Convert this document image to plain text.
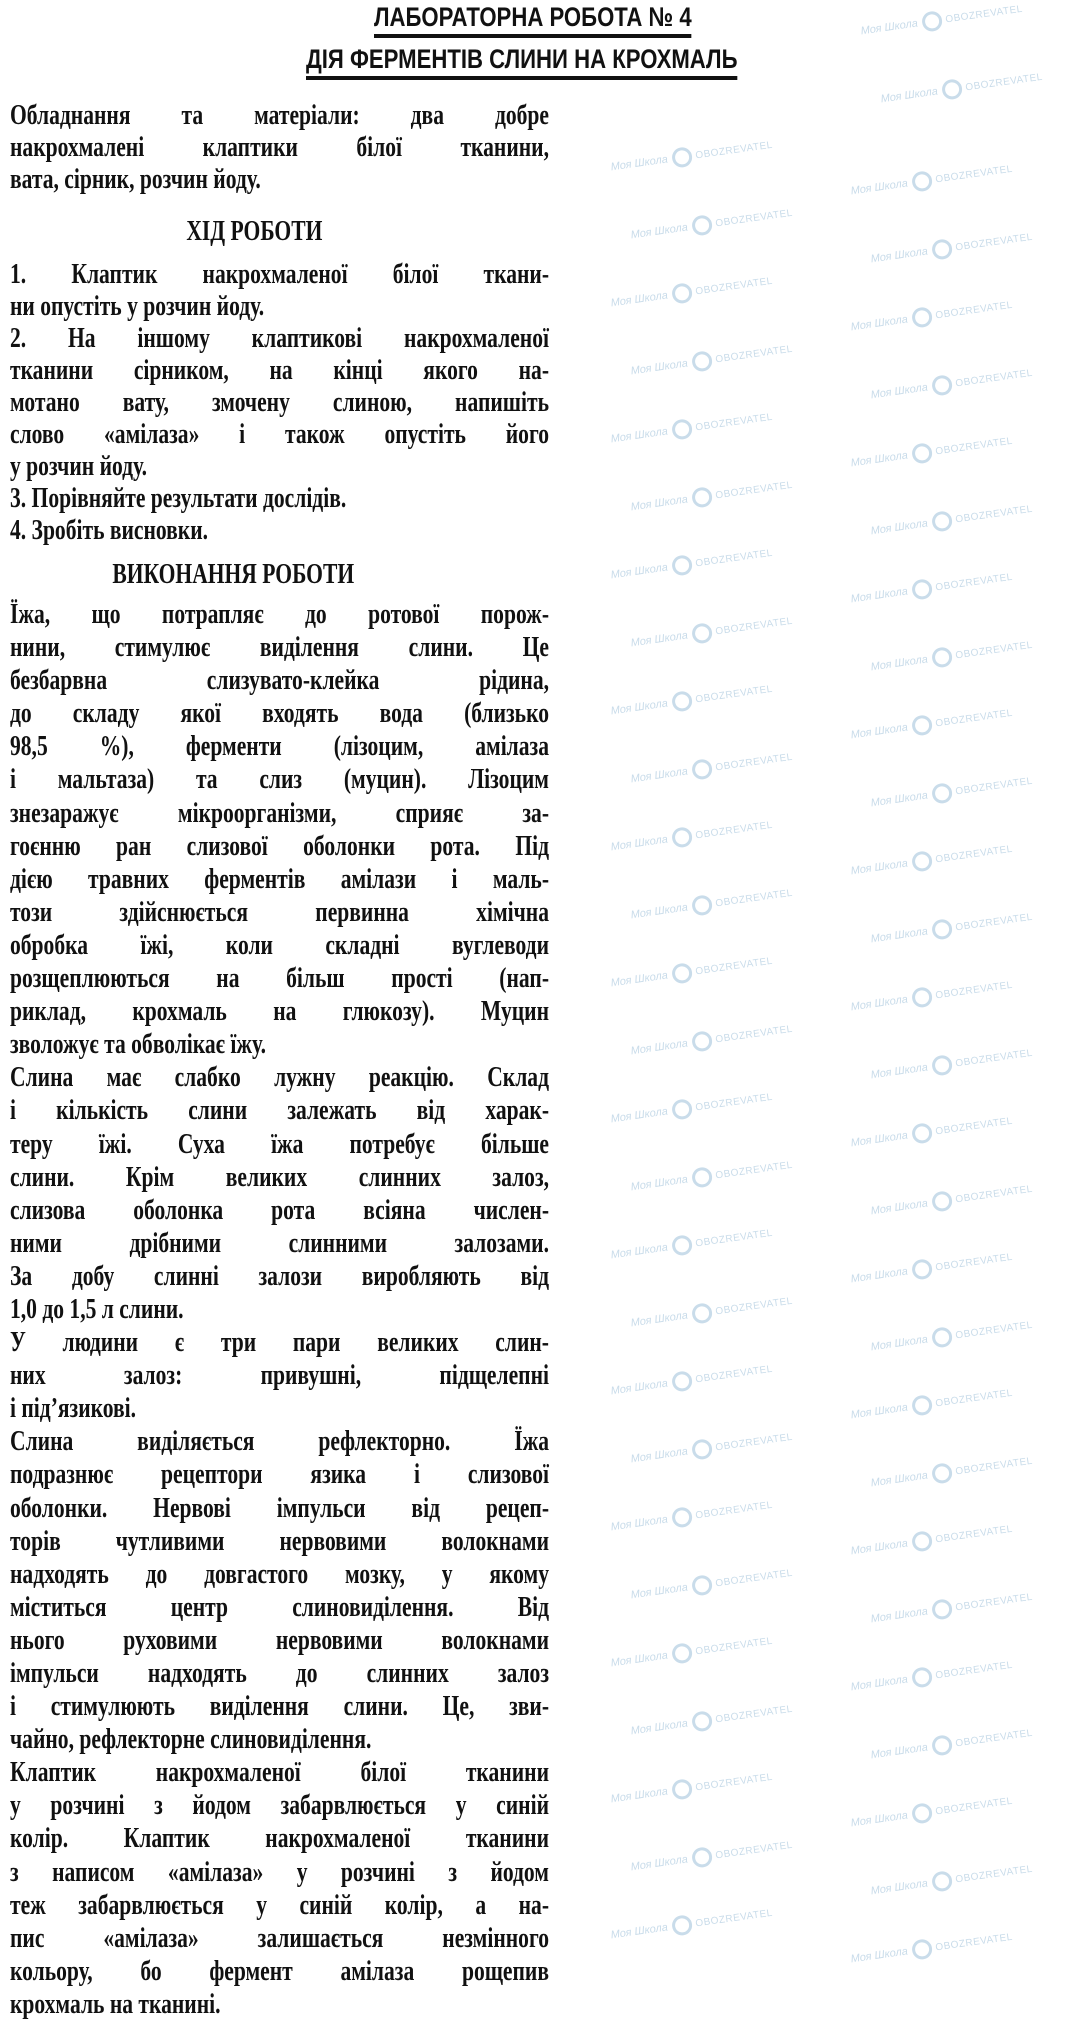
Моя Школа
OBOZREVATEL
Моя Школа
OBOZREVATEL
Моя Школа
OBOZREVATEL
Моя Школа
OBOZREVATEL
Моя Школа
OBOZREVATEL
Моя Школа
OBOZREVATEL
Моя Школа
OBOZREVATEL
Моя Школа
OBOZREVATEL
Моя Школа
OBOZREVATEL
Моя Школа
OBOZREVATEL
Моя Школа
OBOZREVATEL
Моя Школа
OBOZREVATEL
Моя Школа
OBOZREVATEL
Моя Школа
OBOZREVATEL
Моя Школа
OBOZREVATEL
Моя Школа
OBOZREVATEL
Моя Школа
OBOZREVATEL
Моя Школа
OBOZREVATEL
Моя Школа
OBOZREVATEL
Моя Школа
OBOZREVATEL
Моя Школа
OBOZREVATEL
Моя Школа
OBOZREVATEL
Моя Школа
OBOZREVATEL
Моя Школа
OBOZREVATEL
Моя Школа
OBOZREVATEL
Моя Школа
OBOZREVATEL
Моя Школа
OBOZREVATEL
Моя Школа
OBOZREVATEL
Моя Школа
OBOZREVATEL
Моя Школа
OBOZREVATEL
Моя Школа
OBOZREVATEL
Моя Школа
OBOZREVATEL
Моя Школа
OBOZREVATEL
Моя Школа
OBOZREVATEL
Моя Школа
OBOZREVATEL
Моя Школа
OBOZREVATEL
Моя Школа
OBOZREVATEL
Моя Школа
OBOZREVATEL
Моя Школа
OBOZREVATEL
Моя Школа
OBOZREVATEL
Моя Школа
OBOZREVATEL
Моя Школа
OBOZREVATEL
Моя Школа
OBOZREVATEL
Моя Школа
OBOZREVATEL
Моя Школа
OBOZREVATEL
Моя Школа
OBOZREVATEL
Моя Школа
OBOZREVATEL
Моя Школа
OBOZREVATEL
Моя Школа
OBOZREVATEL
Моя Школа
OBOZREVATEL
Моя Школа
OBOZREVATEL
Моя Школа
OBOZREVATEL
Моя Школа
OBOZREVATEL
Моя Школа
OBOZREVATEL
Моя Школа
OBOZREVATEL
Моя Школа
OBOZREVATEL
ЛАБОРАТОРНА РОБОТА № 4
ДІЯ ФЕРМЕНТІВ СЛИНИ НА КРОХМАЛЬ
Обладнання та матеріали: два добре
накрохмалені клаптики білої тканини,
вата, сірник, розчин йоду.
ХІД РОБОТИ
1. Клаптик накрохмаленої білої ткани-
ни опустіть у розчин йоду.
2. На іншому клаптикові накрохмаленої
тканини сірником, на кінці якого на-
мотано вату, змочену слиною, напишіть
слово «амілаза» і також опустіть його
у розчин йоду.
3. Порівняйте результати дослідів.
4. Зробіть висновки.
ВИКОНАННЯ РОБОТИ
Їжа, що потрапляє до ротової порож-
нини, стимулює виділення слини. Це
безбарвна слизувато-клейка рідина,
до складу якої входять вода (близько
98,5 %), ферменти (лізоцим, амілаза
і мальтаза) та слиз (муцин). Лізоцим
знезаражує мікроорганізми, сприяє за-
гоєнню ран слизової оболонки рота. Під
дією травних ферментів амілази і маль-
този здійснюється первинна хімічна
обробка їжі, коли складні вуглеводи
розщеплюються на більш прості (нап-
риклад, крохмаль на глюкозу). Муцин
зволожує та обволікає їжу.
Слина має слабко лужну реакцію. Склад
і кількість слини залежать від харак-
теру їжі. Суха їжа потребує більше
слини. Крім великих слинних залоз,
слизова оболонка рота всіяна числен-
ними дрібними слинними залозами.
За добу слинні залози виробляють від
1,0 до 1,5 л слини.
У людини є три пари великих слин-
них залоз: привушні, підщелепні
і під’язикові.
Слина виділяється рефлекторно. Їжа
подразнює рецептори язика і слизової
оболонки. Нервові імпульси від рецеп-
торів чутливими нервовими волокнами
надходять до довгастого мозку, у якому
міститься центр слиновиділення. Від
нього руховими нервовими волокнами
імпульси надходять до слинних залоз
і стимулюють виділення слини. Це, зви-
чайно, рефлекторне слиновиділення.
Клаптик накрохмаленої білої тканини
у розчині з йодом забарвлюється у синій
колір. Клаптик накрохмаленої тканини
з написом «амілаза» у розчині з йодом
теж забарвлюється у синій колір, а на-
пис «амілаза» залишається незмінного
кольору, бо фермент амілаза рощепив
крохмаль на тканині.
